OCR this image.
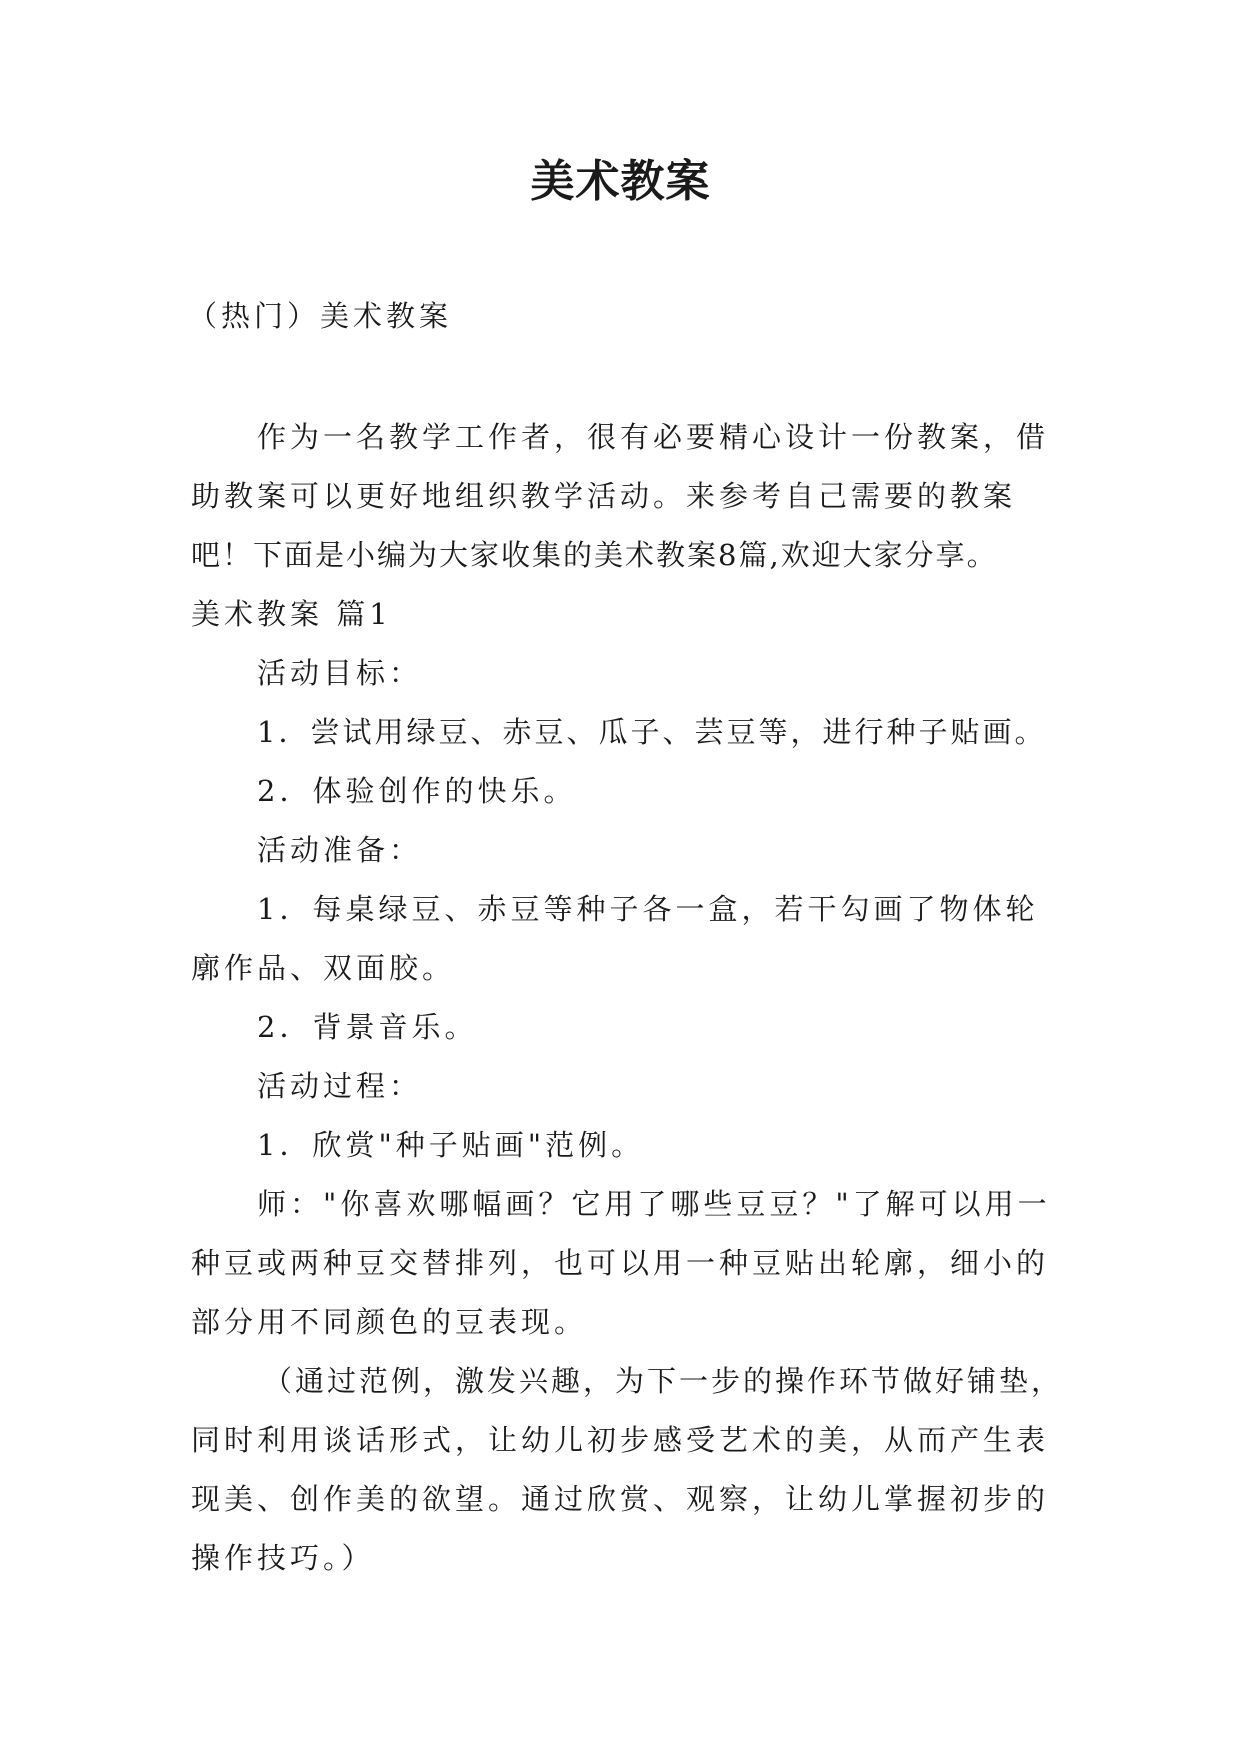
美术教案
（热门）美术教案
作为一名教学工作者，很有必要精心设计一份教案，借
助教案可以更好地组织教学活动。来参考自己需要的教案
吧！下面是小编为大家收集的美术教案8篇,欢迎大家分享。
美术教案 篇1
活动目标：
1．尝试用绿豆、赤豆、瓜子、芸豆等，进行种子贴画。
2．体验创作的快乐。
活动准备：
1．每桌绿豆、赤豆等种子各一盒，若干勾画了物体轮
廓作品、双面胶。
2．背景音乐。
活动过程：
1．欣赏"种子贴画"范例。
师："你喜欢哪幅画？它用了哪些豆豆？"了解可以用一
种豆或两种豆交替排列，也可以用一种豆贴出轮廓，细小的
部分用不同颜色的豆表现。
（通过范例，激发兴趣，为下一步的操作环节做好铺垫，
同时利用谈话形式，让幼儿初步感受艺术的美，从而产生表
现美、创作美的欲望。通过欣赏、观察，让幼儿掌握初步的
操作技巧。）
